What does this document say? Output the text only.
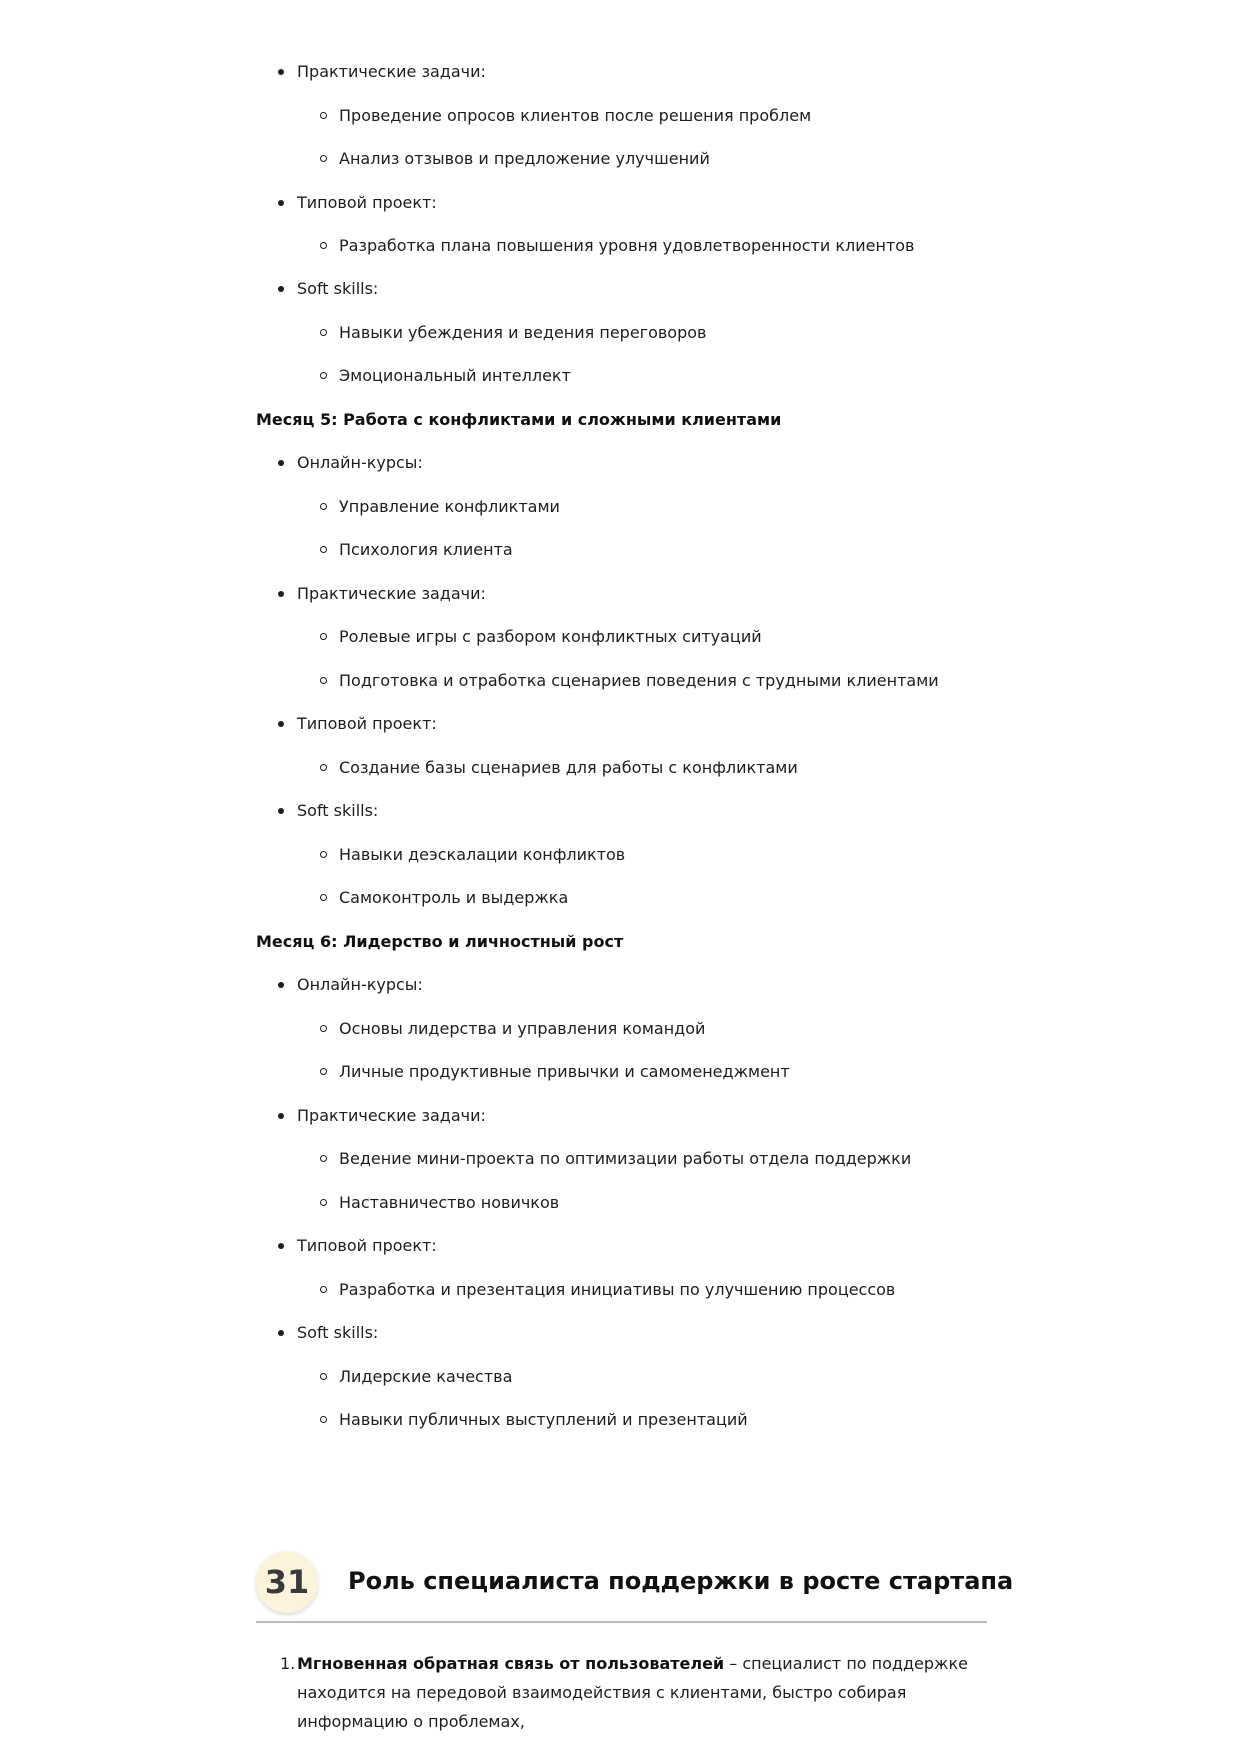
Практические задачи:
Проведение опросов клиентов после решения проблем
Анализ отзывов и предложение улучшений
Типовой проект:
Разработка плана повышения уровня удовлетворенности клиентов
Soft skills:
Навыки убеждения и ведения переговоров
Эмоциональный интеллект
Месяц 5: Работа с конфликтами и сложными клиентами
Онлайн-курсы:
Управление конфликтами
Психология клиента
Практические задачи:
Ролевые игры с разбором конфликтных ситуаций
Подготовка и отработка сценариев поведения с трудными клиентами
Типовой проект:
Создание базы сценариев для работы с конфликтами
Soft skills:
Навыки деэскалации конфликтов
Самоконтроль и выдержка
Месяц 6: Лидерство и личностный рост
Онлайн-курсы:
Основы лидерства и управления командой
Личные продуктивные привычки и самоменеджмент
Практические задачи:
Ведение мини-проекта по оптимизации работы отдела поддержки
Наставничество новичков
Типовой проект:
Разработка и презентация инициативы по улучшению процессов
Soft skills:
Лидерские качества
Навыки публичных выступлений и презентаций
31	Роль специалиста поддержки в росте стартапа
1. Мгновенная обратная связь от пользователей – специалист по поддержке находится на передовой взаимодействия с клиентами, быстро собирая информацию о проблемах,
